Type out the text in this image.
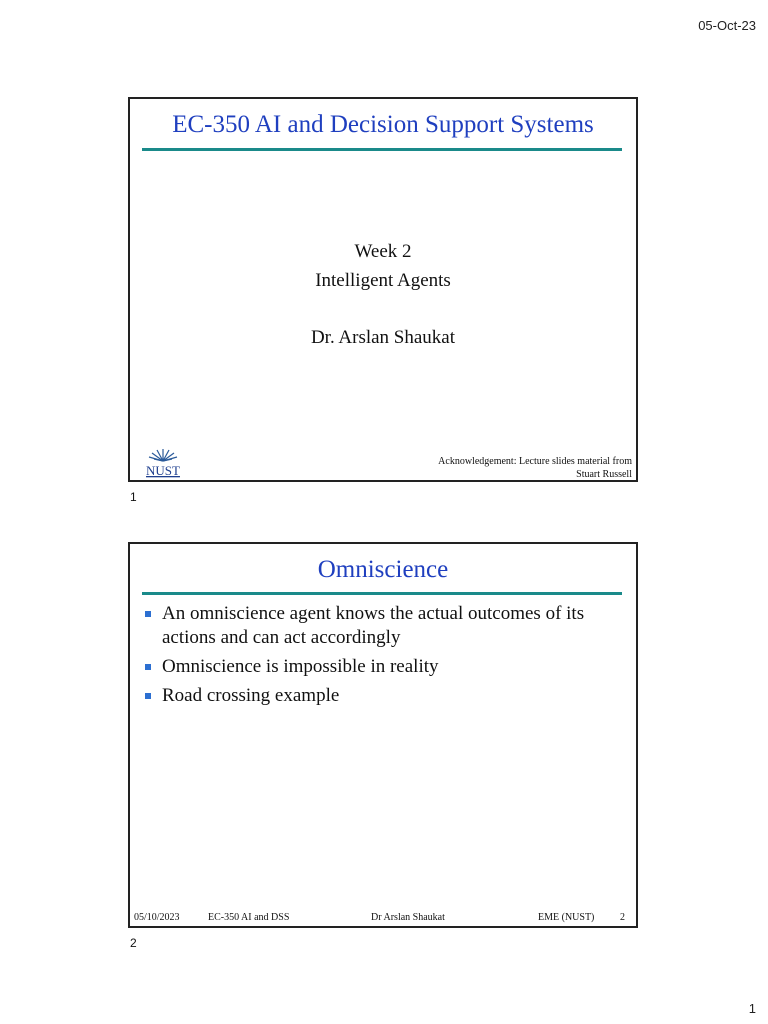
05-Oct-23
EC-350 AI and Decision Support Systems
Week 2
Intelligent Agents
Dr. Arslan Shaukat
NUST
Acknowledgement: Lecture slides material from
Stuart Russell
1
Omniscience
An omniscience agent knows the actual outcomes of its actions and can act accordingly
Omniscience is impossible in reality
Road crossing example
05/10/2023	EC-350 AI and DSS	Dr Arslan Shaukat	EME (NUST)	2
2
1
